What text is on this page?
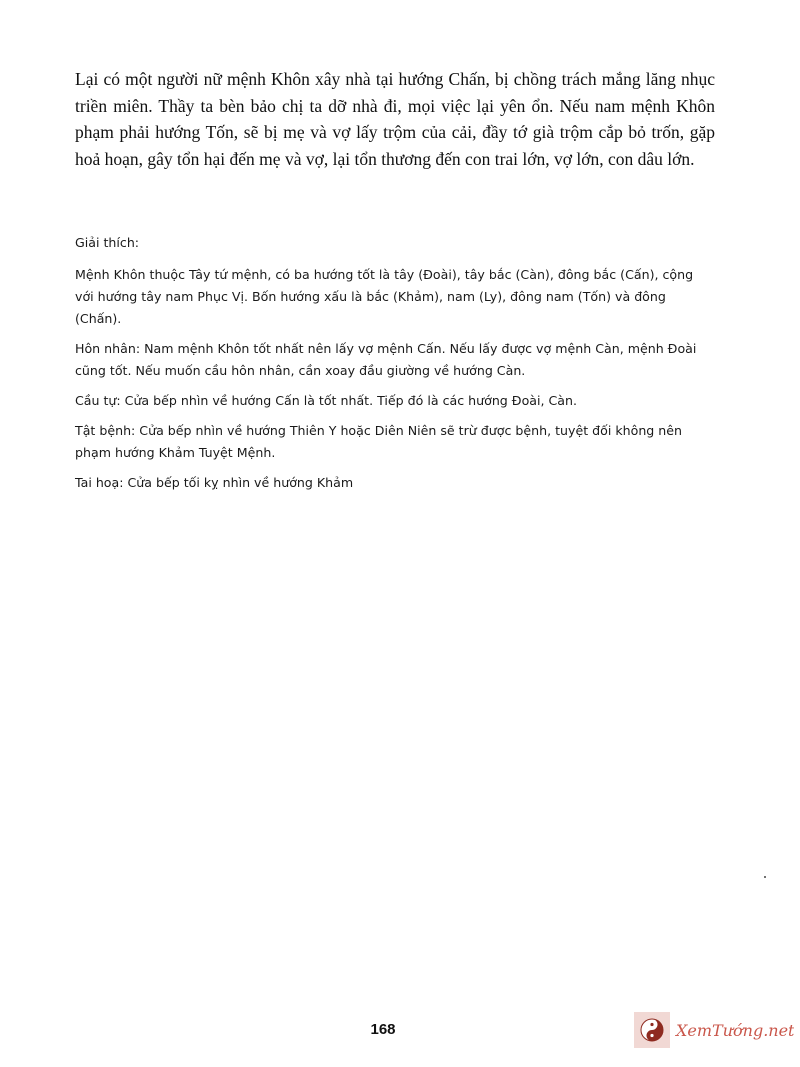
Lại có một người nữ mệnh Khôn xây nhà tại hướng Chấn, bị chồng trách mắng lăng nhục triền miên. Thầy ta bèn bảo chị ta dỡ nhà đi, mọi việc lại yên ổn. Nếu nam mệnh Khôn phạm phải hướng Tốn, sẽ bị mẹ và vợ lấy trộm của cải, đầy tớ già trộm cắp bỏ trốn, gặp hoả hoạn, gây tổn hại đến mẹ và vợ, lại tổn thương đến con trai lớn, vợ lớn, con dâu lớn.

Giải thích:

Mệnh Khôn thuộc Tây tứ mệnh, có ba hướng tốt là tây (Đoài), tây bắc (Càn), đông bắc (Cấn), cộng với hướng tây nam Phục Vị. Bốn hướng xấu là bắc (Khảm), nam (Ly), đông nam (Tốn) và đông (Chấn).

Hôn nhân: Nam mệnh Khôn tốt nhất nên lấy vợ mệnh Cấn. Nếu lấy được vợ mệnh Càn, mệnh Đoài cũng tốt. Nếu muốn cầu hôn nhân, cần xoay đầu giường về hướng Càn.

Cầu tự: Cửa bếp nhìn về hướng Cấn là tốt nhất. Tiếp đó là các hướng Đoài, Càn.

Tật bệnh: Cửa bếp nhìn về hướng Thiên Y hoặc Diên Niên sẽ trừ được bệnh, tuyệt đối không nên phạm hướng Khảm Tuyệt Mệnh.

Tai hoạ: Cửa bếp tối kỵ nhìn về hướng Khảm

168	XemTướng.net
